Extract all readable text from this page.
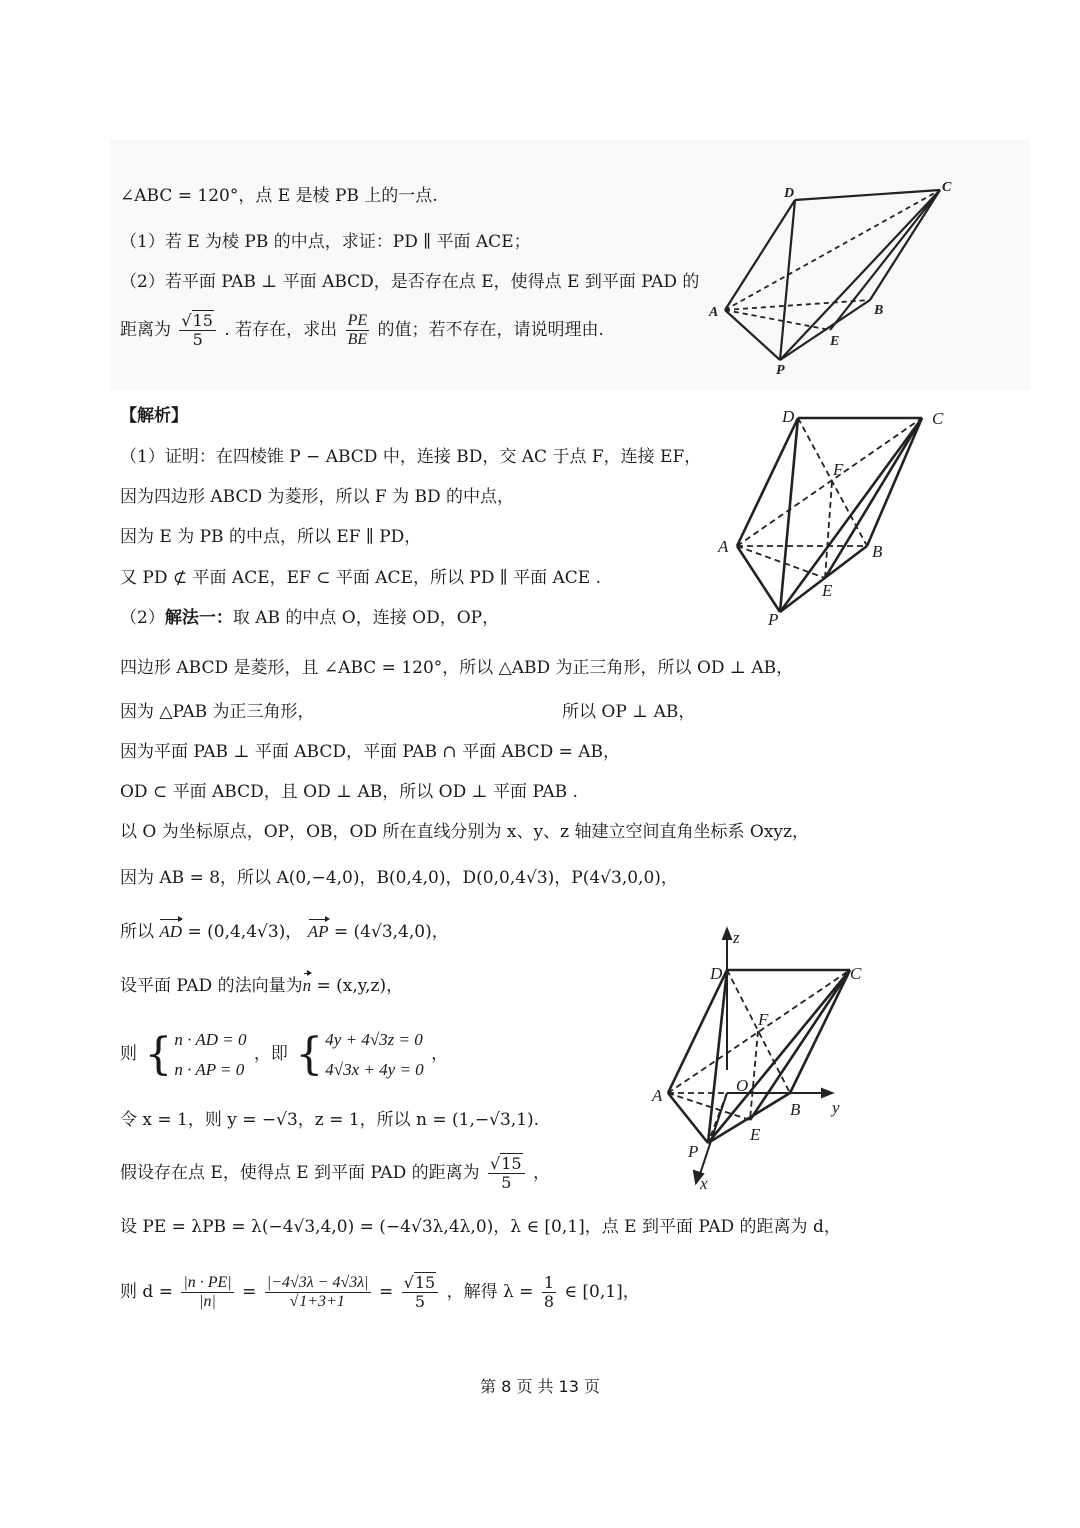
∠ABC = 120°，点 E 是棱 PB 上的一点.
（1）若 E 为棱 PB 的中点，求证：PD ∥ 平面 ACE；
（2）若平面 PAB ⊥ 平面 ABCD，是否存在点 E，使得点 E 到平面 PAD 的
距离为 $\frac{√15}{5}$ . 若存在，求出 $\frac{PE}{BE}$ 的值；若不存在，请说明理由.
D	C
A	B
E
P
【解析】
（1）证明：在四棱锥 P − ABCD 中，连接 BD，交 AC 于点 F，连接 EF，
因为四边形 ABCD 为菱形，所以 F 为 BD 的中点，
因为 E 为 PB 的中点，所以 EF ∥ PD，
又 PD ⊄ 平面 ACE，EF ⊂ 平面 ACE，所以 PD ∥ 平面 ACE .
（2）解法一：取 AB 的中点 O，连接 OD，OP，
四边形 ABCD 是菱形，且 ∠ABC = 120°，所以 △ABD 为正三角形，所以 OD ⊥ AB，
因为 △PAB 为正三角形，	所以 OP ⊥ AB，
因为平面 PAB ⊥ 平面 ABCD，平面 PAB ∩ 平面 ABCD = AB，
OD ⊂ 平面 ABCD，且 OD ⊥ AB，所以 OD ⊥ 平面 PAB .
以 O 为坐标原点，OP，OB，OD 所在直线分别为 x、y、z 轴建立空间直角坐标系 Oxyz，
因为 AB = 8，所以 A(0,−4,0)，B(0,4,0)，D(0,0,4√3)，P(4√3,0,0)，
所以 AD = (0,4,4√3)， AP = (4√3,4,0)，
设平面 PAD 的法向量为n = (x,y,z)，
则 { n · AD = 0
n · AP = 0
，即 { 4y + 4√3z = 0
4√3x + 4y = 0
，
令 x = 1，则 y = −√3，z = 1，所以 n = (1,−√3,1).
假设存在点 E，使得点 E 到平面 PAD 的距离为 $\frac{√15}{5}$ ，
设 PE = λPB = λ(−4√3,4,0) = (−4√3λ,4λ,0)，λ ∈ [0,1]，点 E 到平面 PAD 的距离为 d，
则 $d = \frac{|n \cdot PE|}{|n|} = \frac{|-4√3\lambda - 4√3\lambda|}{√1+3+1} = \frac{√15}{5}$ ，解得 $\lambda = \frac{1}{8}$ ∈ [0,1]，
D	C
F
A	B
E
P
z
D	C
F
O
A
B y
E
P
x
第 8 页 共 13 页
